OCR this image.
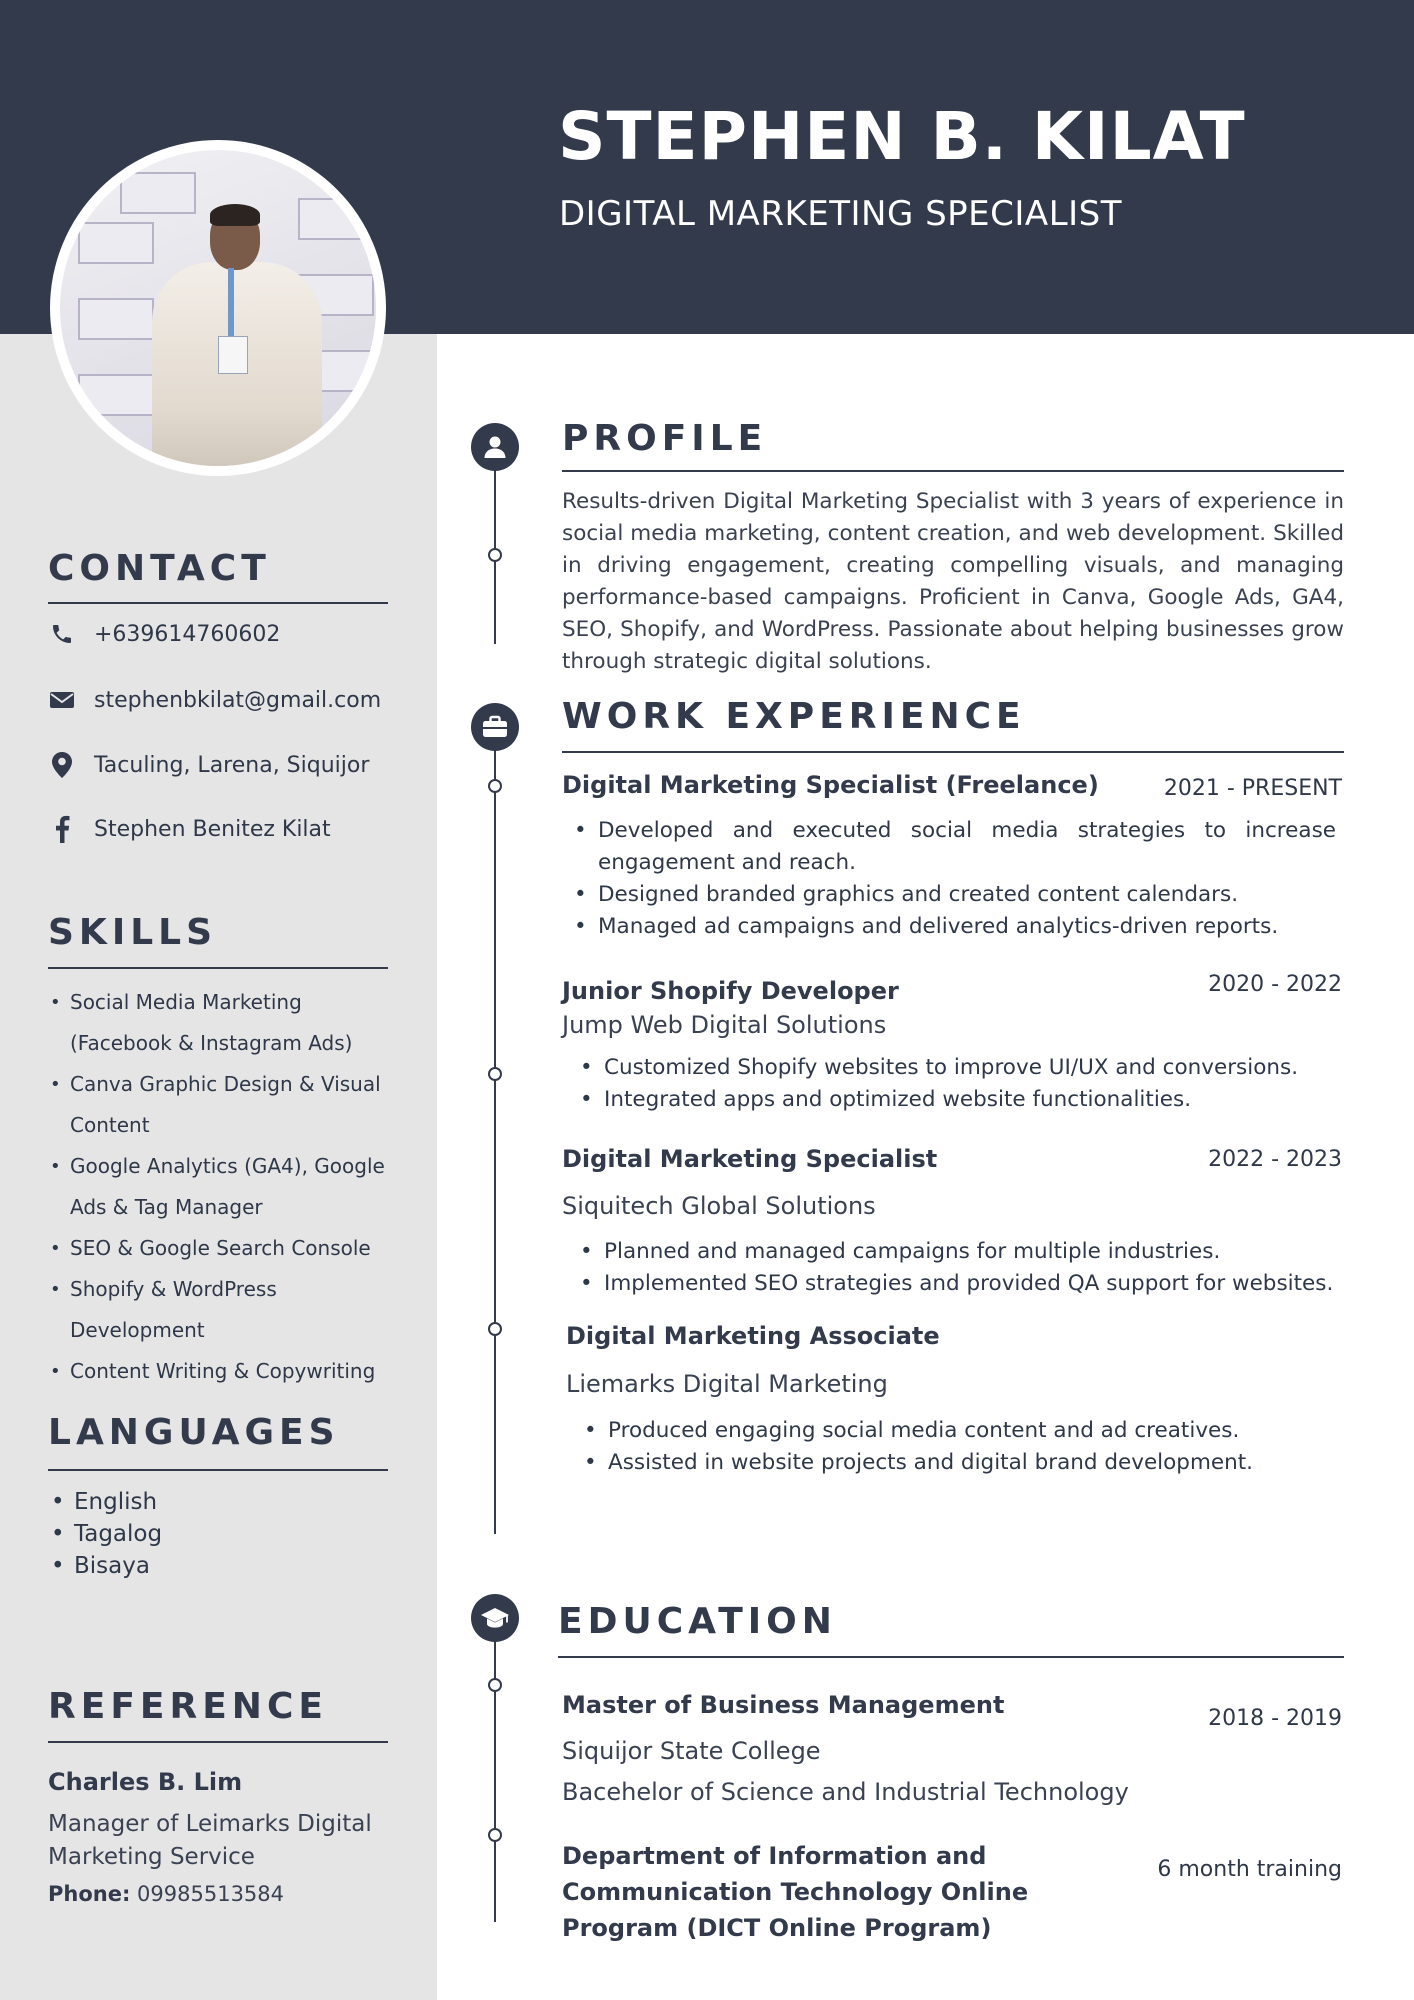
STEPHEN B. KILAT

DIGITAL MARKETING SPECIALIST

CONTACT
+639614760602
stephenbkilat@gmail.com
Taculing, Larena, Siquijor
Stephen Benitez Kilat
SKILLS
• Social Media Marketing (Facebook & Instagram Ads)
• Canva Graphic Design & Visual Content
• Google Analytics (GA4), Google Ads & Tag Manager
• SEO & Google Search Console
• Shopify & WordPress Development
• Content Writing & Copywriting
LANGUAGES
• English
• Tagalog
• Bisaya
REFERENCE

Charles B. Lim

Manager of Leimarks Digital Marketing Service

Phone: 09985513584

PROFILE

Results-driven Digital Marketing Specialist with 3 years of experience in social media marketing, content creation, and web development. Skilled in driving engagement, creating compelling visuals, and managing performance-based campaigns. Proficient in Canva, Google Ads, GA4, SEO, Shopify, and WordPress. Passionate about helping businesses grow through strategic digital solutions.

WORK EXPERIENCE

Digital Marketing Specialist (Freelance)	2021 - PRESENT

• Developed and executed social media strategies to increase engagement and reach.
• Designed branded graphics and created content calendars.
• Managed ad campaigns and delivered analytics-driven reports.

Junior Shopify Developer	2020 - 2022

Jump Web Digital Solutions

• Customized Shopify websites to improve UI/UX and conversions.
• Integrated apps and optimized website functionalities.

Digital Marketing Specialist	2022 - 2023

Siquitech Global Solutions

• Planned and managed campaigns for multiple industries.
• Implemented SEO strategies and provided QA support for websites.

Digital Marketing Associate

Liemarks Digital Marketing

• Produced engaging social media content and ad creatives.
• Assisted in website projects and digital brand development.
EDUCATION

Master of Business Management	2018 - 2019

Siquijor State College

Bacehelor of Science and Industrial Technology

Department of Information and Communication Technology Online Program (DICT Online Program)

6 month training
